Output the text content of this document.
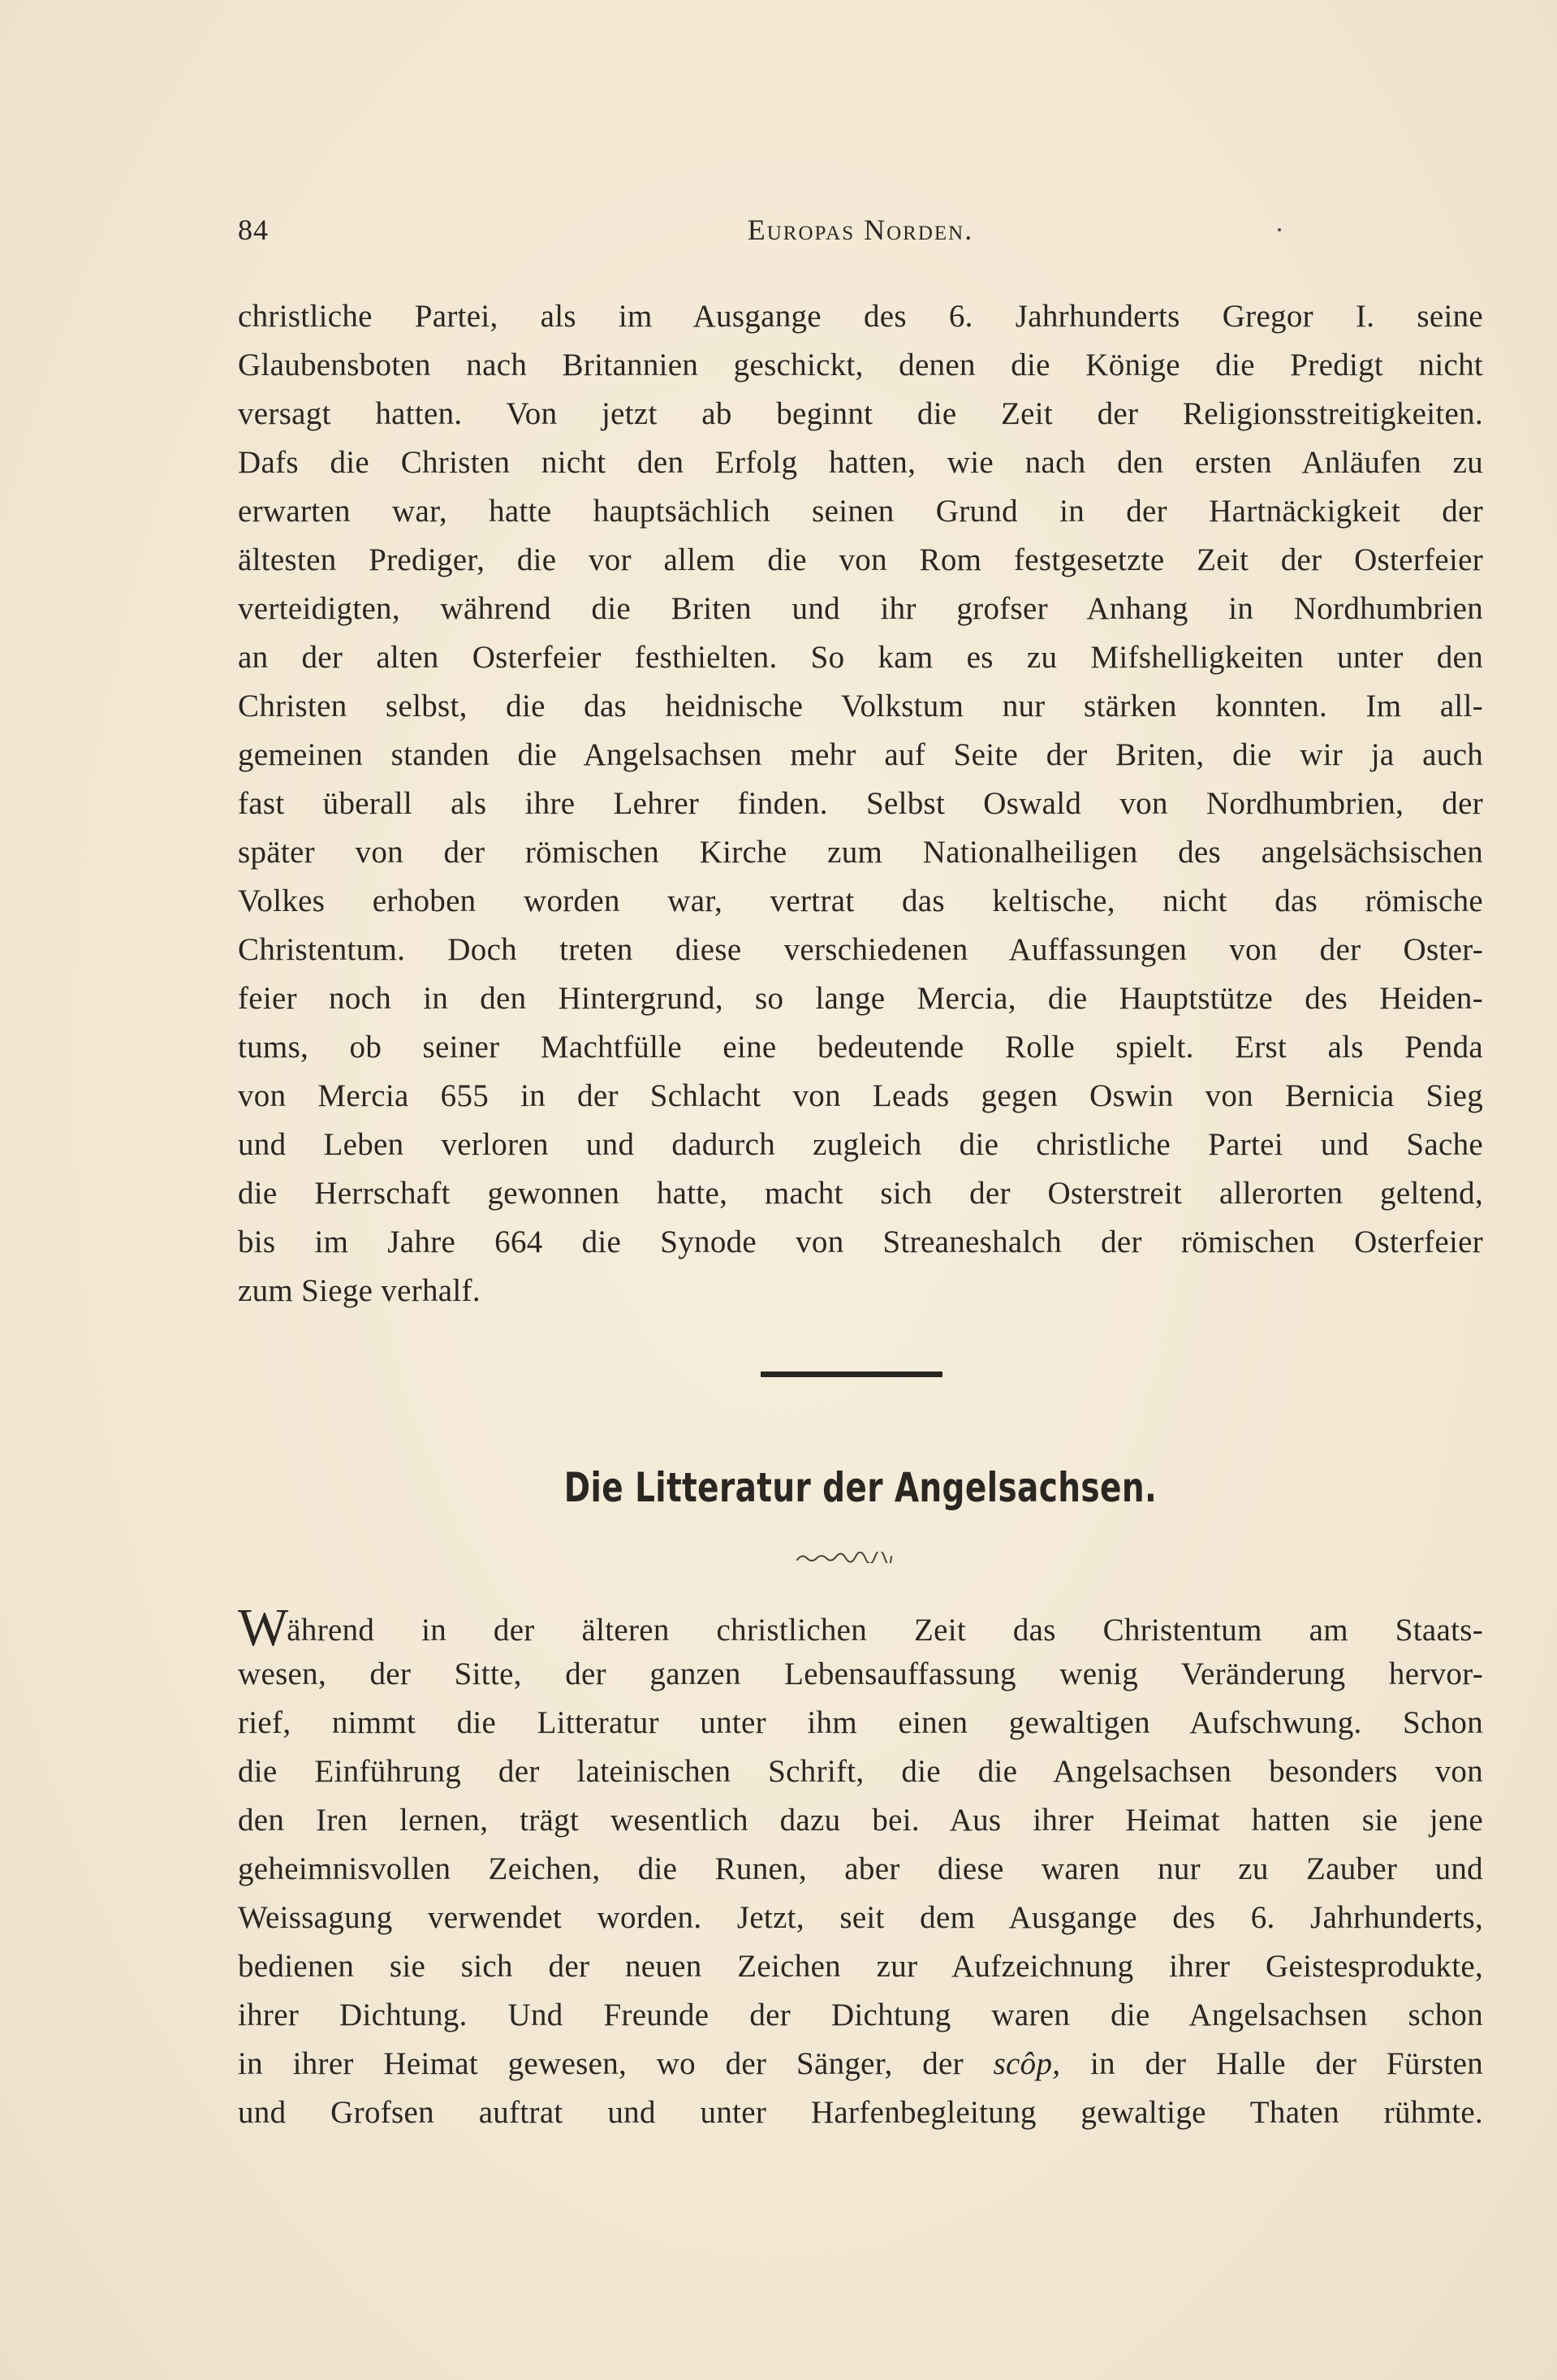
84	Europas Norden.
christliche Partei, als im Ausgange des 6. Jahrhunderts Gregor I. seine
Glaubensboten nach Britannien geschickt, denen die Könige die Predigt nicht
versagt hatten. Von jetzt ab beginnt die Zeit der Religionsstreitigkeiten.
Dafs die Christen nicht den Erfolg hatten, wie nach den ersten Anläufen zu
erwarten war, hatte hauptsächlich seinen Grund in der Hartnäckigkeit der
ältesten Prediger, die vor allem die von Rom festgesetzte Zeit der Osterfeier
verteidigten, während die Briten und ihr grofser Anhang in Nordhumbrien
an der alten Osterfeier festhielten. So kam es zu Mifshelligkeiten unter den
Christen selbst, die das heidnische Volkstum nur stärken konnten. Im all-
gemeinen standen die Angelsachsen mehr auf Seite der Briten, die wir ja auch
fast überall als ihre Lehrer finden. Selbst Oswald von Nordhumbrien, der
später von der römischen Kirche zum Nationalheiligen des angelsächsischen
Volkes erhoben worden war, vertrat das keltische, nicht das römische
Christentum. Doch treten diese verschiedenen Auffassungen von der Oster-
feier noch in den Hintergrund, so lange Mercia, die Hauptstütze des Heiden-
tums, ob seiner Machtfülle eine bedeutende Rolle spielt. Erst als Penda
von Mercia 655 in der Schlacht von Leads gegen Oswin von Bernicia Sieg
und Leben verloren und dadurch zugleich die christliche Partei und Sache
die Herrschaft gewonnen hatte, macht sich der Osterstreit allerorten geltend,
bis im Jahre 664 die Synode von Streaneshalch der römischen Osterfeier
zum Siege verhalf.
Die Litteratur der Angelsachsen.
Während in der älteren christlichen Zeit das Christentum am Staats-
wesen, der Sitte, der ganzen Lebensauffassung wenig Veränderung hervor-
rief, nimmt die Litteratur unter ihm einen gewaltigen Aufschwung. Schon
die Einführung der lateinischen Schrift, die die Angelsachsen besonders von
den Iren lernen, trägt wesentlich dazu bei. Aus ihrer Heimat hatten sie jene
geheimnisvollen Zeichen, die Runen, aber diese waren nur zu Zauber und
Weissagung verwendet worden. Jetzt, seit dem Ausgange des 6. Jahrhunderts,
bedienen sie sich der neuen Zeichen zur Aufzeichnung ihrer Geistesprodukte,
ihrer Dichtung. Und Freunde der Dichtung waren die Angelsachsen schon
in ihrer Heimat gewesen, wo der Sänger, der scôp, in der Halle der Fürsten
und Grofsen auftrat und unter Harfenbegleitung gewaltige Thaten rühmte.
